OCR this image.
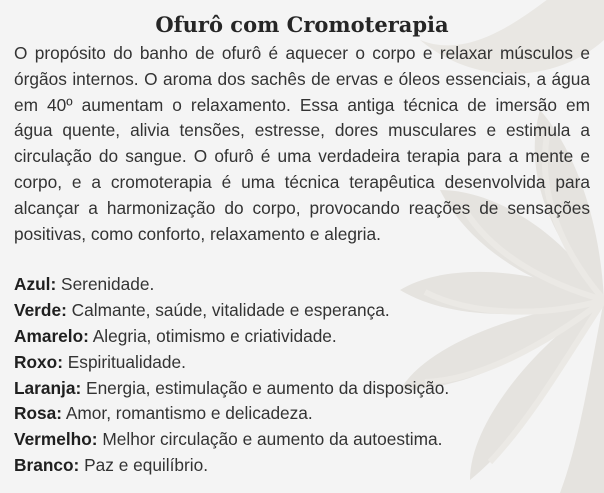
Ofurô com Cromoterapia

O propósito do banho de ofurô é aquecer o corpo e relaxar músculos e órgãos internos. O aroma dos sachês de ervas e óleos essenciais, a água em 40º aumentam o relaxamento. Essa antiga técnica de imersão em água quente, alivia tensões, estresse, dores musculares e estimula a circulação do sangue. O ofurô é uma verdadeira terapia para a mente e corpo, e a cromoterapia é uma técnica terapêutica desenvolvida para alcançar a harmonização do corpo, provocando reações de sensações positivas, como conforto, relaxamento e alegria.

Azul: Serenidade.
Verde: Calmante, saúde, vitalidade e esperança.
Amarelo: Alegria, otimismo e criatividade.
Roxo: Espiritualidade.
Laranja: Energia, estimulação e aumento da disposição.
Rosa: Amor, romantismo e delicadeza.
Vermelho: Melhor circulação e aumento da autoestima.
Branco: Paz e equilíbrio.
